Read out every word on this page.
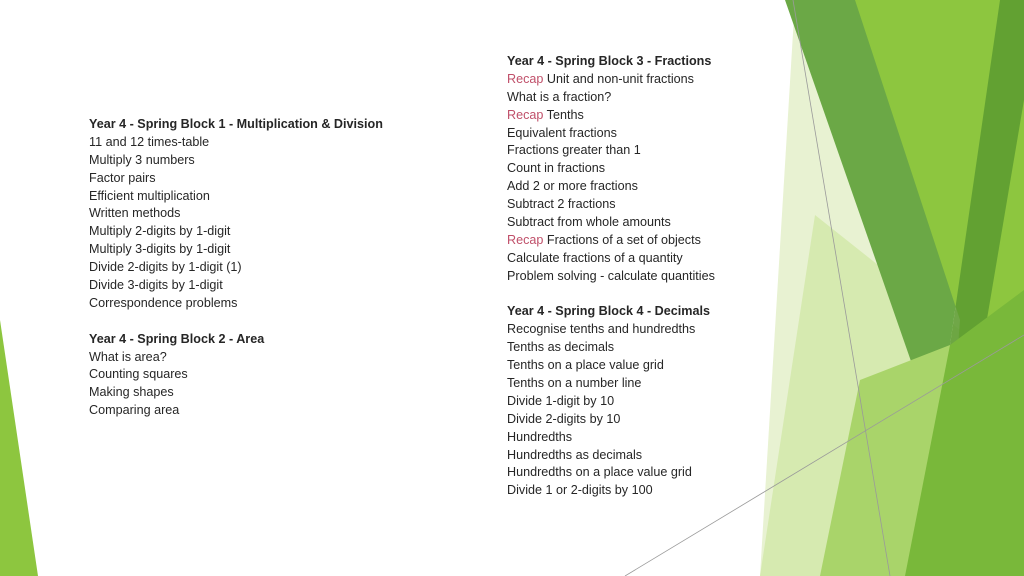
Year 4 - Spring Block 1 - Multiplication & Division
11 and 12 times-table
Multiply 3 numbers
Factor pairs
Efficient multiplication
Written methods
Multiply 2-digits by 1-digit
Multiply 3-digits by 1-digit
Divide 2-digits by 1-digit (1)
Divide 3-digits by 1-digit
Correspondence problems
Year 4 - Spring Block 2 - Area
What is area?
Counting squares
Making shapes
Comparing area
Year 4 - Spring Block 3 - Fractions
Recap Unit and non-unit fractions
What is a fraction?
Recap Tenths
Equivalent fractions
Fractions greater than 1
Count in fractions
Add 2 or more fractions
Subtract 2 fractions
Subtract from whole amounts
Recap Fractions of a set of objects
Calculate fractions of a quantity
Problem solving - calculate quantities
Year 4 - Spring Block 4 - Decimals
Recognise tenths and hundredths
Tenths as decimals
Tenths on a place value grid
Tenths on a number line
Divide 1-digit by 10
Divide 2-digits by 10
Hundredths
Hundredths as decimals
Hundredths on a place value grid
Divide 1 or 2-digits by 100
